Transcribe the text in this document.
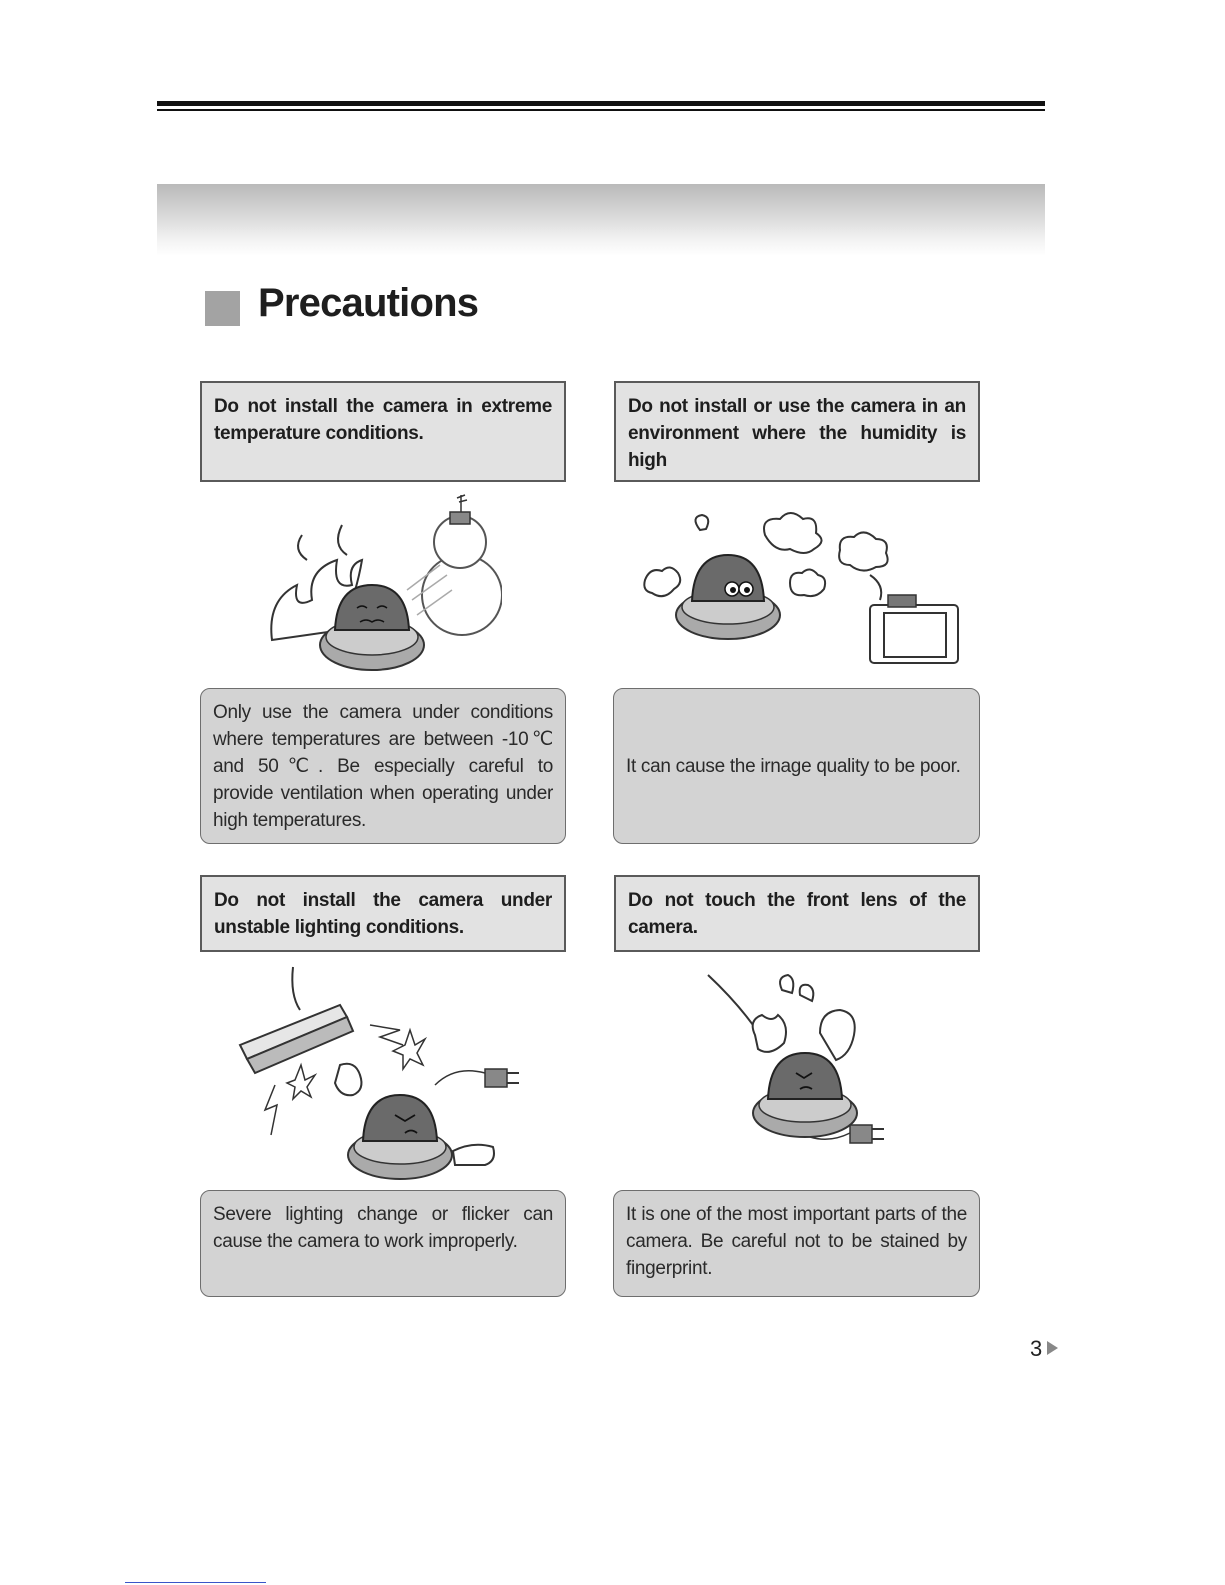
Precautions
Do not install the camera in extreme temperature conditions.
Only use the camera under conditions where temperatures are between -10℃ and 50℃. Be especially careful to provide ventilation when operating under high temperatures.
Do not install or use the camera in an environment where the humidity is high
It can cause the irnage quality to be poor.
Do not install the camera under unstable lighting conditions.
Severe lighting change or flicker can cause the camera to work improperly.
Do not touch the front lens of the camera.
It is one of the most important parts of the camera. Be careful not to be stained by fingerprint.
3
